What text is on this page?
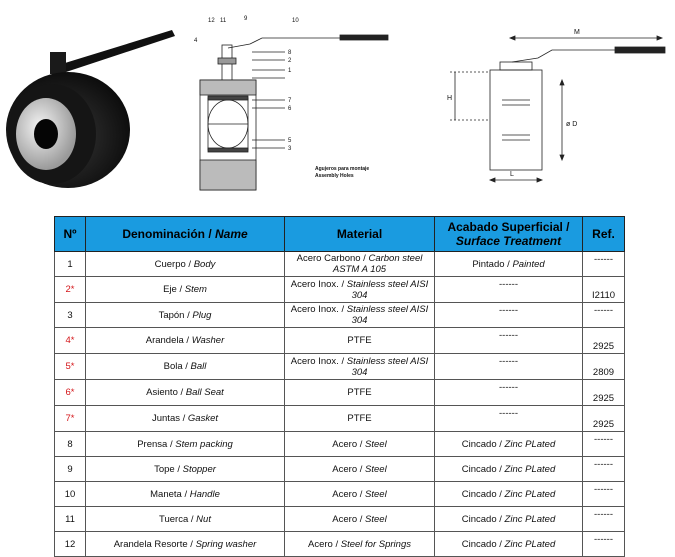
12 11	9	10
4
8
2
1
7
6
5
3
Agujeros para montaje
Assembly Holes
M
H
ø D
L
Nº	Denominación / Name	Material	Acabado Superficial /
Surface Treatment	Ref.
1	Cuerpo / Body	Acero Carbono / Carbon steel ASTM A 105	Pintado / Painted	------
2*	Eje / Stem	Acero Inox. / Stainless steel AISI 304	------	I2110
3	Tapón / Plug	Acero Inox. / Stainless steel AISI 304	------	------
4*	Arandela / Washer	PTFE	------	2925
5*	Bola / Ball	Acero Inox. / Stainless steel AISI 304	------	2809
6*	Asiento / Ball Seat	PTFE	------	2925
7*	Juntas / Gasket	PTFE	------	2925
8	Prensa / Stem packing	Acero / Steel	Cincado / Zinc PLated	------
9	Tope / Stopper	Acero / Steel	Cincado / Zinc PLated	------
10	Maneta / Handle	Acero / Steel	Cincado / Zinc PLated	------
11	Tuerca / Nut	Acero / Steel	Cincado / Zinc PLated	------
12	Arandela Resorte / Spring washer	Acero / Steel for Springs	Cincado / Zinc PLated	------
